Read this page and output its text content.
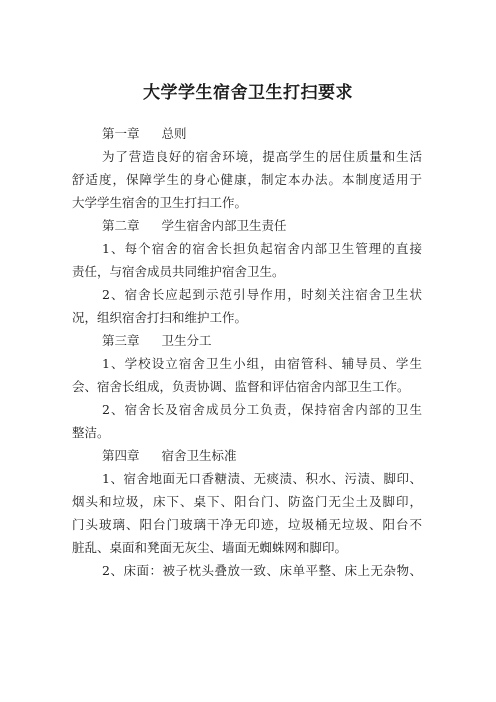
大学学生宿舍卫生打扫要求
第一章 总则
为了营造良好的宿舍环境，提高学生的居住质量和生活
舒适度，保障学生的身心健康，制定本办法。本制度适用于
大学学生宿舍的卫生打扫工作。
第二章 学生宿舍内部卫生责任
1、每个宿舍的宿舍长担负起宿舍内部卫生管理的直接
责任，与宿舍成员共同维护宿舍卫生。
2、宿舍长应起到示范引导作用，时刻关注宿舍卫生状
况，组织宿舍打扫和维护工作。
第三章 卫生分工
1、学校设立宿舍卫生小组，由宿管科、辅导员、学生
会、宿舍长组成，负责协调、监督和评估宿舍内部卫生工作。
2、宿舍长及宿舍成员分工负责，保持宿舍内部的卫生
整洁。
第四章 宿舍卫生标准
1、宿舍地面无口香糖渍、无痰渍、积水、污渍、脚印、
烟头和垃圾，床下、桌下、阳台门、防盗门无尘土及脚印，
门头玻璃、阳台门玻璃干净无印迹，垃圾桶无垃圾、阳台不
脏乱、桌面和凳面无灰尘、墙面无蜘蛛网和脚印。
2、床面：被子枕头叠放一致、床单平整、床上无杂物、
